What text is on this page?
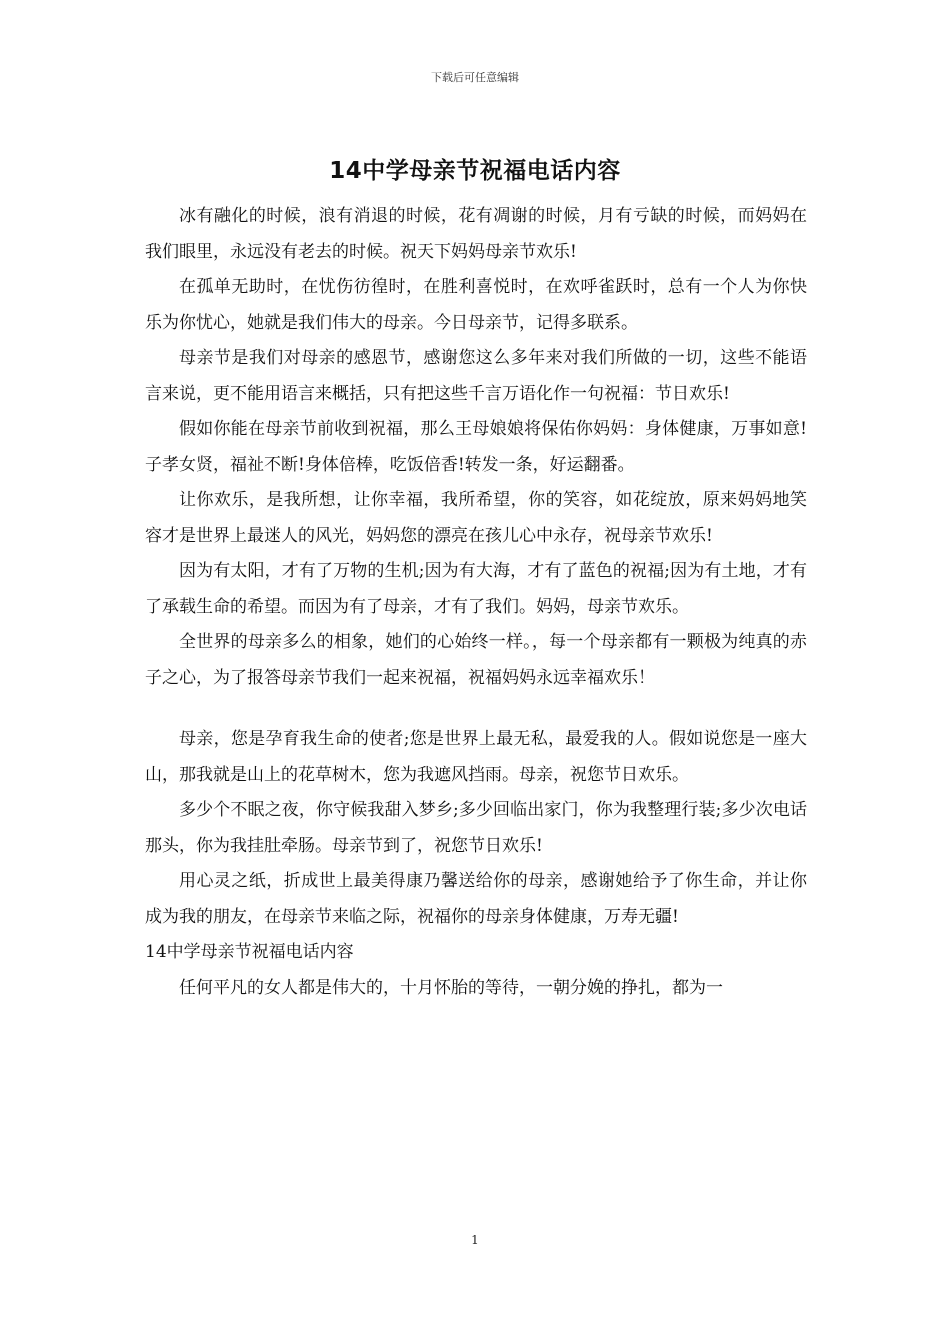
下载后可任意编辑
14中学母亲节祝福电话内容

冰有融化的时候，浪有消退的时候，花有凋谢的时候，月有亏缺的时候，而妈妈在我们眼里，永远没有老去的时候。祝天下妈妈母亲节欢乐!

在孤单无助时，在忧伤彷徨时，在胜利喜悦时，在欢呼雀跃时，总有一个人为你快乐为你忧心，她就是我们伟大的母亲。今日母亲节，记得多联系。

母亲节是我们对母亲的感恩节，感谢您这么多年来对我们所做的一切，这些不能语言来说，更不能用语言来概括，只有把这些千言万语化作一句祝福：节日欢乐!

假如你能在母亲节前收到祝福，那么王母娘娘将保佑你妈妈：身体健康，万事如意!子孝女贤，福祉不断!身体倍棒，吃饭倍香!转发一条，好运翻番。

让你欢乐，是我所想，让你幸福，我所希望，你的笑容，如花绽放，原来妈妈地笑容才是世界上最迷人的风光，妈妈您的漂亮在孩儿心中永存，祝母亲节欢乐!

因为有太阳，才有了万物的生机;因为有大海，才有了蓝色的祝福;因为有土地，才有了承载生命的希望。而因为有了母亲，才有了我们。妈妈，母亲节欢乐。

全世界的母亲多么的相象，她们的心始终一样。，每一个母亲都有一颗极为纯真的赤子之心，为了报答母亲节我们一起来祝福，祝福妈妈永远幸福欢乐！

母亲，您是孕育我生命的使者;您是世界上最无私，最爱我的人。假如说您是一座大山，那我就是山上的花草树木，您为我遮风挡雨。母亲，祝您节日欢乐。

多少个不眠之夜，你守候我甜入梦乡;多少回临出家门，你为我整理行装;多少次电话那头，你为我挂肚牵肠。母亲节到了，祝您节日欢乐!

用心灵之纸，折成世上最美得康乃馨送给你的母亲，感谢她给予了你生命，并让你成为我的朋友，在母亲节来临之际，祝福你的母亲身体健康，万寿无疆!

14中学母亲节祝福电话内容

任何平凡的女人都是伟大的，十月怀胎的等待，一朝分娩的挣扎，都为一

1
